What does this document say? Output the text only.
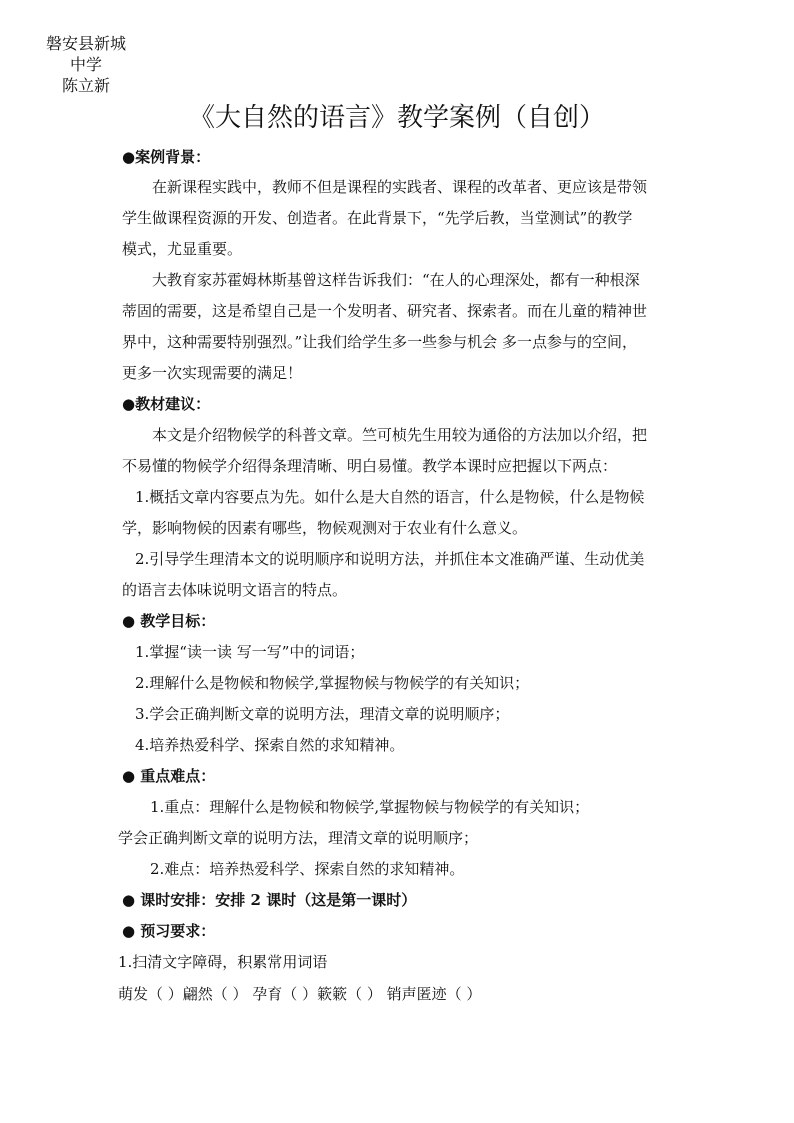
磐安县新城
中学
陈立新
《大自然的语言》教学案例（自创）
●案例背景：
在新课程实践中，教师不但是课程的实践者、课程的改革者、更应该是带领
学生做课程资源的开发、创造者。在此背景下，“先学后教，当堂测试”的教学
模式，尤显重要。
大教育家苏霍姆林斯基曾这样告诉我们：“在人的心理深处，都有一种根深
蒂固的需要，这是希望自己是一个发明者、研究者、探索者。而在儿童的精神世
界中，这种需要特别强烈。”让我们给学生多一些参与机会 多一点参与的空间，
更多一次实现需要的满足！
●教材建议：
本文是介绍物候学的科普文章。竺可桢先生用较为通俗的方法加以介绍，把
不易懂的物候学介绍得条理清晰、明白易懂。教学本课时应把握以下两点：
1.概括文章内容要点为先。如什么是大自然的语言，什么是物候，什么是物候
学，影响物候的因素有哪些，物候观测对于农业有什么意义。
2.引导学生理清本文的说明顺序和说明方法，并抓住本文准确严谨、生动优美
的语言去体味说明文语言的特点。
● 教学目标：
1.掌握“读一读 写一写”中的词语；
2.理解什么是物候和物候学,掌握物候与物候学的有关知识；
3.学会正确判断文章的说明方法，理清文章的说明顺序；
4.培养热爱科学、探索自然的求知精神。
● 重点难点：
1.重点：理解什么是物候和物候学,掌握物候与物候学的有关知识；
学会正确判断文章的说明方法，理清文章的说明顺序；
2.难点：培养热爱科学、探索自然的求知精神。
● 课时安排：安排 2 课时（这是第一课时）
● 预习要求：
1.扫清文字障碍，积累常用词语
萌发（ ）翩然（ ） 孕育（ ）簌簌（ ） 销声匿迹（ ）
